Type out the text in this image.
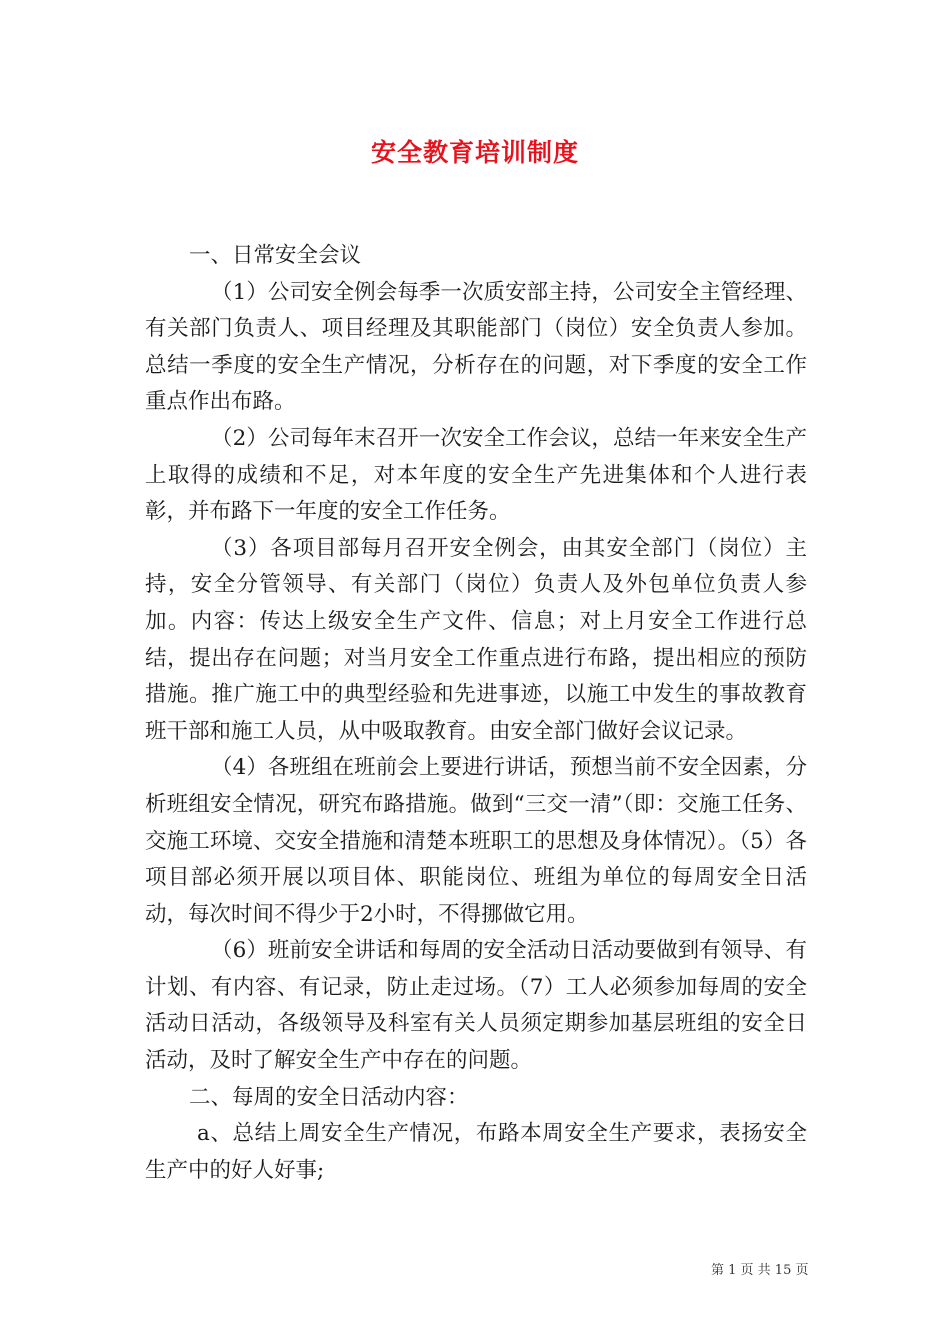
安全教育培训制度

一、日常安全会议

（1）公司安全例会每季一次质安部主持，公司安全主管经理、有关部门负责人、项目经理及其职能部门（岗位）安全负责人参加。总结一季度的安全生产情况，分析存在的问题，对下季度的安全工作重点作出布路。

（2）公司每年末召开一次安全工作会议，总结一年来安全生产上取得的成绩和不足，对本年度的安全生产先进集体和个人进行表彰，并布路下一年度的安全工作任务。

（3）各项目部每月召开安全例会，由其安全部门（岗位）主持，安全分管领导、有关部门（岗位）负责人及外包单位负责人参加。内容：传达上级安全生产文件、信息；对上月安全工作进行总结，提出存在问题；对当月安全工作重点进行布路，提出相应的预防措施。推广施工中的典型经验和先进事迹，以施工中发生的事故教育班干部和施工人员，从中吸取教育。由安全部门做好会议记录。

（4）各班组在班前会上要进行讲话，预想当前不安全因素，分析班组安全情况，研究布路措施。做到“三交一清”（即：交施工任务、交施工环境、交安全措施和清楚本班职工的思想及身体情况）。（5）各项目部必须开展以项目体、职能岗位、班组为单位的每周安全日活动，每次时间不得少于2小时，不得挪做它用。

（6）班前安全讲话和每周的安全活动日活动要做到有领导、有计划、有内容、有记录，防止走过场。（7）工人必须参加每周的安全活动日活动，各级领导及科室有关人员须定期参加基层班组的安全日活动，及时了解安全生产中存在的问题。

二、每周的安全日活动内容：

a、总结上周安全生产情况，布路本周安全生产要求，表扬安全生产中的好人好事;

第 1 页 共 15 页
